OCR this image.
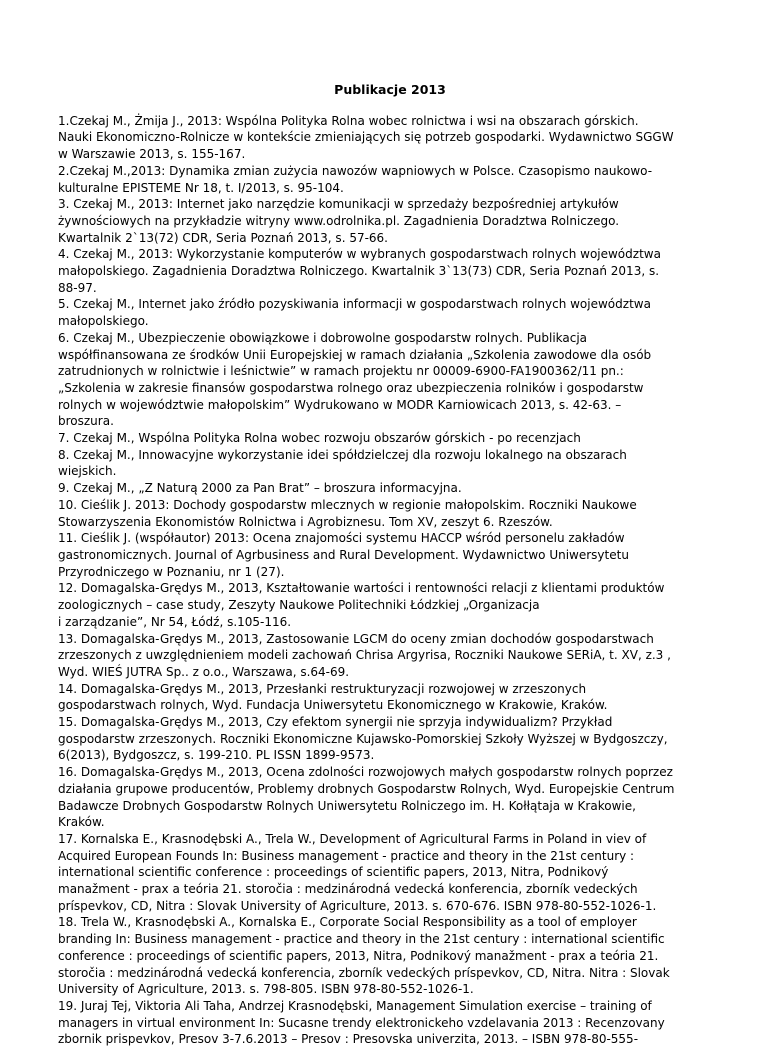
Publikacje 2013
1.Czekaj M., Żmija J., 2013: Wspólna Polityka Rolna wobec rolnictwa i wsi na obszarach górskich.
Nauki Ekonomiczno-Rolnicze w kontekście zmieniających się potrzeb gospodarki. Wydawnictwo SGGW
w Warszawie 2013, s. 155-167.
2.Czekaj M.,2013: Dynamika zmian zużycia nawozów wapniowych w Polsce. Czasopismo naukowo-
kulturalne EPISTEME Nr 18, t. I/2013, s. 95-104.
3. Czekaj M., 2013: Internet jako narzędzie komunikacji w sprzedaży bezpośredniej artykułów
żywnościowych na przykładzie witryny www.odrolnika.pl. Zagadnienia Doradztwa Rolniczego.
Kwartalnik 2`13(72) CDR, Seria Poznań 2013, s. 57-66.
4. Czekaj M., 2013: Wykorzystanie komputerów w wybranych gospodarstwach rolnych województwa
małopolskiego. Zagadnienia Doradztwa Rolniczego. Kwartalnik 3`13(73) CDR, Seria Poznań 2013, s.
88-97.
5. Czekaj M., Internet jako źródło pozyskiwania informacji w gospodarstwach rolnych województwa
małopolskiego.
6. Czekaj M., Ubezpieczenie obowiązkowe i dobrowolne gospodarstw rolnych. Publikacja
współfinansowana ze środków Unii Europejskiej w ramach działania „Szkolenia zawodowe dla osób
zatrudnionych w rolnictwie i leśnictwie” w ramach projektu nr 00009-6900-FA1900362/11 pn.:
„Szkolenia w zakresie finansów gospodarstwa rolnego oraz ubezpieczenia rolników i gospodarstw
rolnych w województwie małopolskim” Wydrukowano w MODR Karniowicach 2013, s. 42-63. –
broszura.
7. Czekaj M., Wspólna Polityka Rolna wobec rozwoju obszarów górskich - po recenzjach
8. Czekaj M., Innowacyjne wykorzystanie idei spółdzielczej dla rozwoju lokalnego na obszarach
wiejskich.
9. Czekaj M., „Z Naturą 2000 za Pan Brat” – broszura informacyjna.
10. Cieślik J. 2013: Dochody gospodarstw mlecznych w regionie małopolskim. Roczniki Naukowe
Stowarzyszenia Ekonomistów Rolnictwa i Agrobiznesu. Tom XV, zeszyt 6. Rzeszów.
11. Cieślik J. (współautor) 2013: Ocena znajomości systemu HACCP wśród personelu zakładów
gastronomicznych. Journal of Agrbusiness and Rural Development. Wydawnictwo Uniwersytetu
Przyrodniczego w Poznaniu, nr 1 (27).
12. Domagalska-Grędys M., 2013, Kształtowanie wartości i rentowności relacji z klientami produktów
zoologicznych – case study, Zeszyty Naukowe Politechniki Łódzkiej „Organizacja
i zarządzanie”, Nr 54, Łódź, s.105-116.
13. Domagalska-Grędys M., 2013, Zastosowanie LGCM do oceny zmian dochodów gospodarstwach
zrzeszonych z uwzględnieniem modeli zachowań Chrisa Argyrisa, Roczniki Naukowe SERiA, t. XV, z.3 ,
Wyd. WIEŚ JUTRA Sp.. z o.o., Warszawa, s.64-69.
14. Domagalska-Grędys M., 2013, Przesłanki restrukturyzacji rozwojowej w zrzeszonych
gospodarstwach rolnych, Wyd. Fundacja Uniwersytetu Ekonomicznego w Krakowie, Kraków.
15. Domagalska-Grędys M., 2013, Czy efektom synergii nie sprzyja indywidualizm? Przykład
gospodarstw zrzeszonych. Roczniki Ekonomiczne Kujawsko-Pomorskiej Szkoły Wyższej w Bydgoszczy,
6(2013), Bydgoszcz, s. 199-210. PL ISSN 1899-9573.
16. Domagalska-Grędys M., 2013, Ocena zdolności rozwojowych małych gospodarstw rolnych poprzez
działania grupowe producentów, Problemy drobnych Gospodarstw Rolnych, Wyd. Europejskie Centrum
Badawcze Drobnych Gospodarstw Rolnych Uniwersytetu Rolniczego im. H. Kołłątaja w Krakowie,
Kraków.
17. Kornalska E., Krasnodębski A., Trela W., Development of Agricultural Farms in Poland in viev of
Acquired European Founds In: Business management - practice and theory in the 21st century :
international scientific conference : proceedings of scientific papers, 2013, Nitra, Podnikový
manažment - prax a teória 21. storočia : medzinárodná vedecká konferencia, zborník vedeckých
príspevkov, CD, Nitra : Slovak University of Agriculture, 2013. s. 670-676. ISBN 978-80-552-1026-1.
18. Trela W., Krasnodębski A., Kornalska E., Corporate Social Responsibility as a tool of employer
branding In: Business management - practice and theory in the 21st century : international scientific
conference : proceedings of scientific papers, 2013, Nitra, Podnikový manažment - prax a teória 21.
storočia : medzinárodná vedecká konferencia, zborník vedeckých príspevkov, CD, Nitra. Nitra : Slovak
University of Agriculture, 2013. s. 798-805. ISBN 978-80-552-1026-1.
19. Juraj Tej, Viktoria Ali Taha, Andrzej Krasnodębski, Management Simulation exercise – training of
managers in virtual environment In: Sucasne trendy elektronickeho vzdelavania 2013 : Recenzovany
zbornik prispevkov, Presov 3-7.6.2013 – Presov : Presovska univerzita, 2013. – ISBN 978-80-555-
